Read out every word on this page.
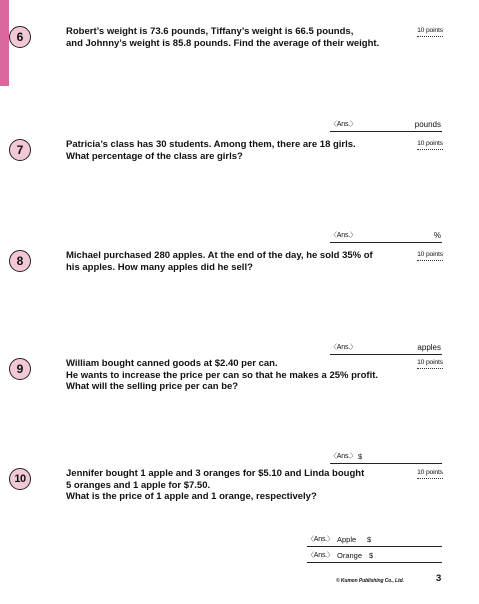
6	Robert’s weight is 73.6 pounds, Tiffany’s weight is 66.5 pounds,
and Johnny’s weight is 85.8 pounds. Find the average of their weight.
10 points
〈Ans.〉	pounds
7	Patricia’s class has 30 students. Among them, there are 18 girls.
What percentage of the class are girls?
10 points
〈Ans.〉	%
8	Michael purchased 280 apples. At the end of the day, he sold 35% of
his apples. How many apples did he sell?
10 points
〈Ans.〉	apples
9	William bought canned goods at $2.40 per can.
He wants to increase the price per can so that he makes a 25% profit.
What will the selling price per can be?
10 points
〈Ans.〉 $
10	Jennifer bought 1 apple and 3 oranges for $5.10 and Linda bought
5 oranges and 1 apple for $7.50.
What is the price of 1 apple and 1 orange, respectively?
10 points
〈Ans.〉 Apple $
〈Ans.〉 Orange $
© Kumon Publishing Co., Ltd.	3
